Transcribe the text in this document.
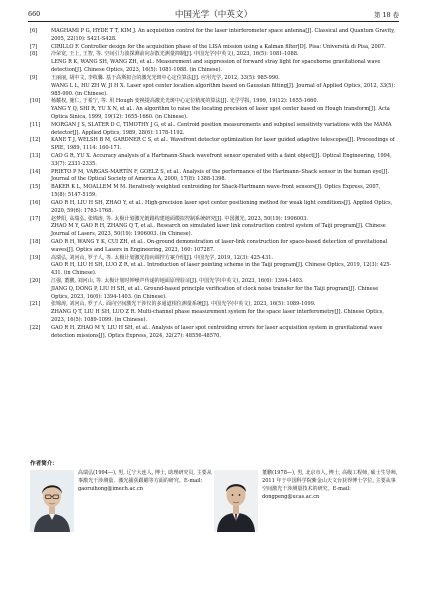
660	中国光学（中英文）	第 18 卷
[6]	MAGHAMI P G, HYDE T T, KIM J. An acquisition control for the laser interferometer space antenna[J]. Classical and Quantum Gravity, 2005, 22(10): S421-S428.
[7]	CIRILLO F. Controller design for the acquisition phase of the LISA mission using a Kalman filter[D]. Pisa: Università di Pisa, 2007.
[8]	冷荣宽, 王上, 王智, 等. 空间引力波探测前向杂散光测量抑制[J]. 中国光学(中英文), 2023, 16(5): 1081-1088.
LENG R K, WANG SH, WANG ZH, et al.. Measurement and suppression of forward stray light for spaceborne gravitational wave detection[J]. Chinese Optics, 2023, 16(5): 1081-1088. (in Chinese).
[9]	王丽丽, 胡中文, 李枚馨. 基于高斯拟合的激光光斑中心定位算法[J]. 应用光学, 2012, 33(5): 985-990.
WANG L L, HU ZH W, JI H X. Laser spot center location algorithm based on Gaussian fitting[J]. Journal of Applied Optics, 2012, 33(5): 985-990. (in Chinese).
[10]	杨耀权, 施仁, 于希宁, 等. 用 Hough 变换提高激光光斑中心定位精度的算法[J]. 光学学报, 1999, 19(12): 1655-1660.
YANG Y Q, SHI R, YU X N, et al.. An algorithm to raise the locating precision of laser spot center based on Hough transform[J]. Acta Optica Sinica, 1999, 19(12): 1655-1660. (in Chinese).
[11]	MORGAN J S, SLATER D C, TIMOTHY J G, et al.. Centroid position measurements and subpixel sensitivity variations with the MAMA detector[J]. Applied Optics, 1989, 28(6): 1178-1192.
[12]	KANE T J, WELSH B M, GARDNER C S, et al.. Wavefront detector optimization for laser guided adaptive telescopes[J]. Proceedings of SPIE, 1989, 1114: 160-171.
[13]	CAO G R, YU X. Accuracy analysis of a Hartmann-Shack wavefront sensor operated with a faint object[J]. Optical Engineering, 1994, 33(7): 2331-2335.
[14]	PRIETO P M, VARGAS-MARTÍN F, GOELZ S, et al.. Analysis of the performance of the Hartmann–Shack sensor in the human eye[J]. Journal of the Optical Society of America A, 2000, 17(8): 1388-1398.
[15]	BAKER K L, MOALLEM M M. Iteratively weighted centroiding for Shack-Hartmann wave-front sensors[J]. Optics Express, 2007, 15(8): 5147-5159.
[16]	GAO R H, LIU H SH, ZHAO Y, et al.. High-precision laser spot center positioning method for weak light conditions[J]. Applied Optics, 2020, 59(6): 1763-1768.
[17]	赵梦阳, 高瑞弘, 张锦涛, 等. 太极计划激光链路构建地面模拟控制系统研究[J]. 中国激光, 2023, 50(19): 1906003.
ZHAO M Y, GAO R H, ZHANG Q T, et al.. Research on simulated laser link construction control system of Taiji program[J]. Chinese Journal of Lasers, 2023, 50(19): 1906003. (in Chinese).
[18]	GAO R H, WANG Y K, CUI ZH, et al.. On-ground demonstration of laser-link construction for space-based detection of gravitational waves[J]. Optics and Lasers in Engineering, 2023, 160: 107287.
[19]	高瑞弘, 刘河山, 罗子人, 等. 太极计划激光指向调控方案介绍[J]. 中国光学, 2019, 12(3): 425-431.
GAO R H, LIU H SH, LUO Z R, et al.. Introduction of laser pointing scheme in the Taiji program[J]. Chinese Optics, 2019, 12(3): 425-431. (in Chinese).
[20]	江强, 董鹏, 刘河山, 等. 太极计划时钟噪声传递的地面原理验证[J]. 中国光学(中英文), 2023, 16(6): 1394-1403.
JIANG Q, DONG P, LIU H SH, et al.. Ground-based principle verification of clock noise transfer for the Taiji program[J]. Chinese Optics, 2023, 16(6): 1394-1403. (in Chinese).
[21]	张锦涛, 刘河山, 罗子人. 面向空间激光干涉仪的多通道相位测量系统[J]. 中国光学(中英文), 2023, 16(5): 1089-1099.
ZHANG Q T, LIU H SH, LUO Z R. Multi-channel phase measurement system for the space laser interferometry[J]. Chinese Optics, 2023, 16(5): 1089-1099. (in Chinese).
[22]	GAO R H, ZHAO M Y, LIU H SH, et al.. Analysis of laser spot centroiding errors for laser acquisition system in gravitational wave detection missions[J]. Optics Express, 2024, 32(27): 48556-48570.
作者简介：
高瑞弘(1994—), 男, 辽宁大连人, 博士, 助理研究员, 主要从事激光干涉测量、激光捕获跟瞄等方面的研究。E-mail: gaoruihong@imech.ac.cn
董鹏(1978—), 男, 北京市人, 博士, 高级工程师, 硕士生导师, 2011 年于中国科学院紫金山天文台获得博士学位, 主要从事空间激光干涉测量技术的研究。E-mail: dongpeng@ucas.ac.cn
